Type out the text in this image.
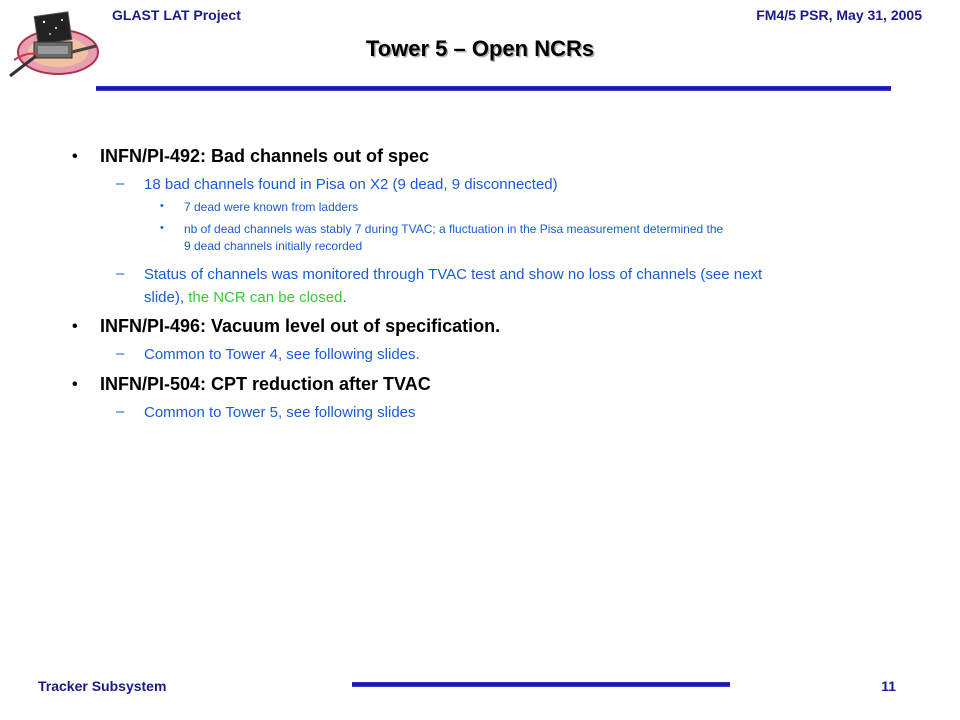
GLAST LAT Project	FM4/5 PSR, May 31, 2005
Tower 5 – Open NCRs
• INFN/PI-492: Bad channels out of spec
– 18 bad channels found in Pisa on X2 (9 dead, 9 disconnected)
• 7 dead were known from ladders
• nb of dead channels was stably 7 during TVAC; a fluctuation in the Pisa measurement determined the
9 dead channels initially recorded
– Status of channels was monitored through TVAC test and show no loss of channels (see next
slide), the NCR can be closed.
• INFN/PI-496: Vacuum level out of specification.
– Common to Tower 4, see following slides.
• INFN/PI-504: CPT reduction after TVAC
– Common to Tower 5, see following slides
Tracker Subsystem	11
